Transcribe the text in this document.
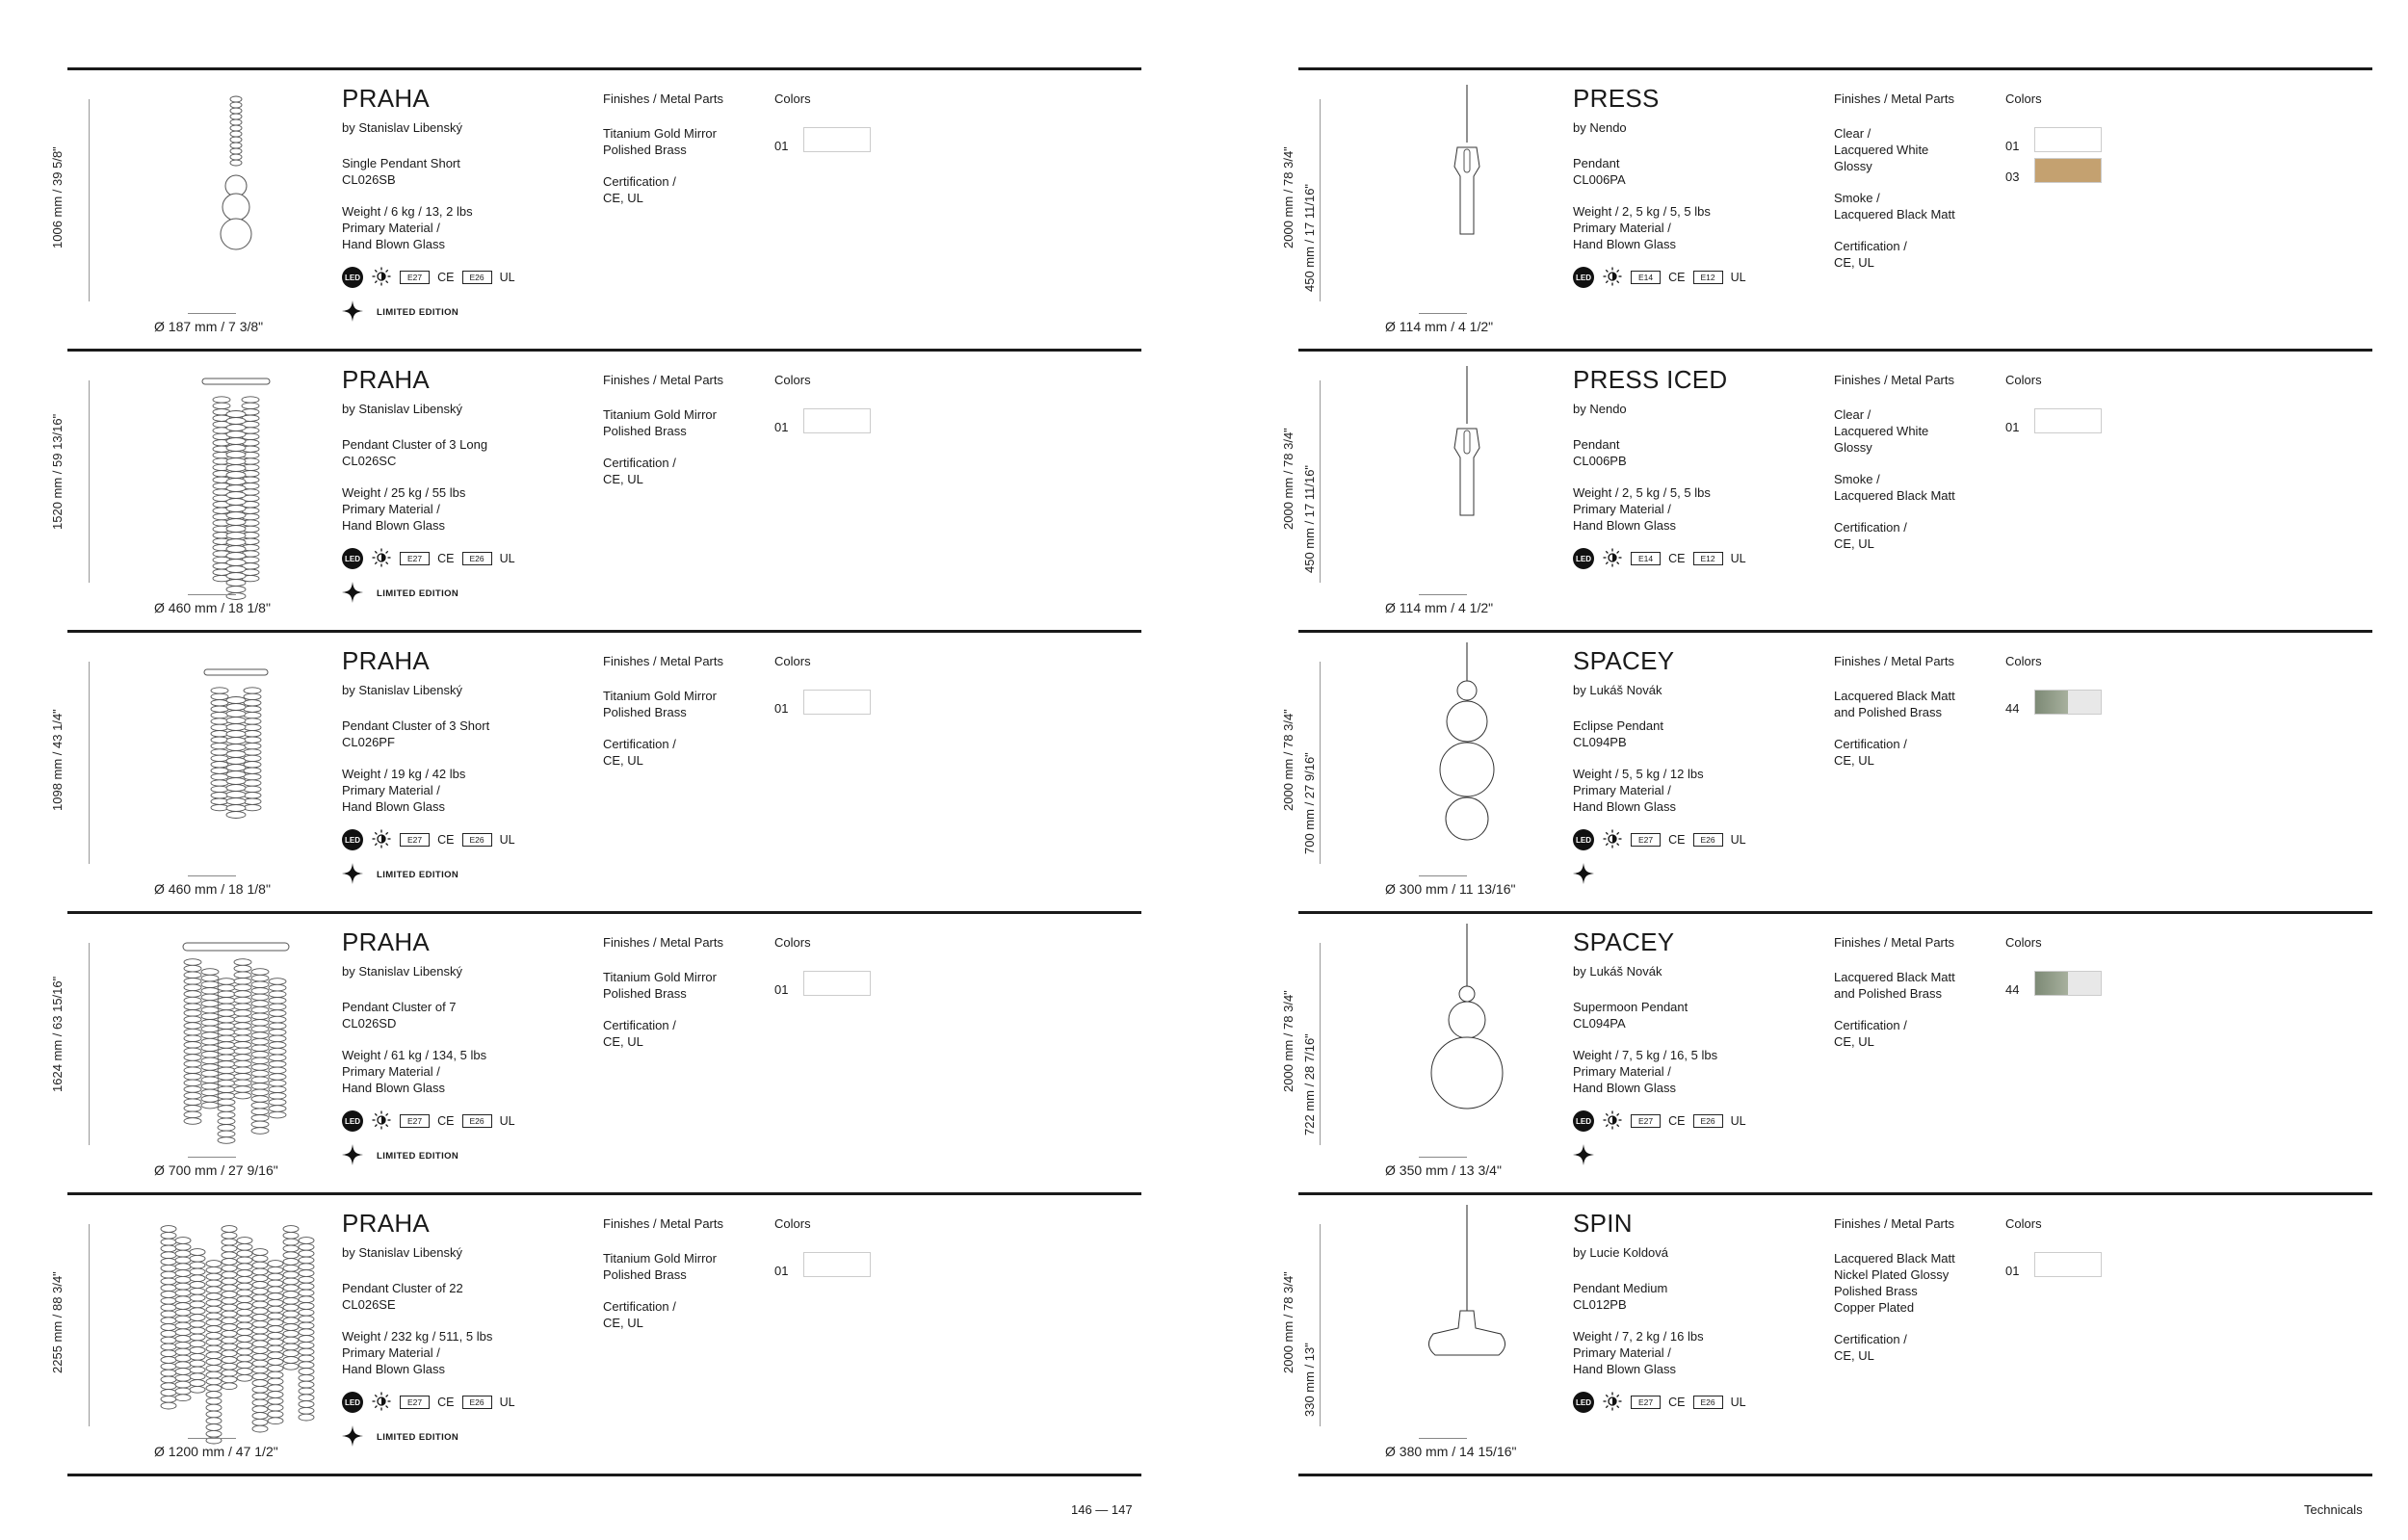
1006 mm / 39 5/8"
Ø 187 mm / 7 3/8"
PRAHA
by Stanislav Libenský
Single Pendant Short
CL026SB
Weight / 6 kg / 13, 2 lbs
Primary Material /
Hand Blown Glass
LED	E27	CE	E26	UL
LIMITED EDITION
Finishes / Metal Parts
Titanium Gold Mirror
Polished Brass
Certification /
CE, UL
Colors
01
1520 mm / 59 13/16"
Ø 460 mm / 18 1/8"
PRAHA
by Stanislav Libenský
Pendant Cluster of 3 Long
CL026SC
Weight / 25 kg / 55 lbs
Primary Material /
Hand Blown Glass
LED	E27	CE	E26	UL
LIMITED EDITION
Finishes / Metal Parts
Titanium Gold Mirror
Polished Brass
Certification /
CE, UL
Colors
01
1098 mm / 43 1/4"
Ø 460 mm / 18 1/8"
PRAHA
by Stanislav Libenský
Pendant Cluster of 3 Short
CL026PF
Weight / 19 kg / 42 lbs
Primary Material /
Hand Blown Glass
LED	E27	CE	E26	UL
LIMITED EDITION
Finishes / Metal Parts
Titanium Gold Mirror
Polished Brass
Certification /
CE, UL
Colors
01
1624 mm / 63 15/16"
Ø 700 mm / 27 9/16"
PRAHA
by Stanislav Libenský
Pendant Cluster of 7
CL026SD
Weight / 61 kg / 134, 5 lbs
Primary Material /
Hand Blown Glass
LED	E27	CE	E26	UL
LIMITED EDITION
Finishes / Metal Parts
Titanium Gold Mirror
Polished Brass
Certification /
CE, UL
Colors
01
2255 mm / 88 3/4"
Ø 1200 mm / 47 1/2"
PRAHA
by Stanislav Libenský
Pendant Cluster of 22
CL026SE
Weight / 232 kg / 511, 5 lbs
Primary Material /
Hand Blown Glass
LED	E27	CE	E26	UL
LIMITED EDITION
Finishes / Metal Parts
Titanium Gold Mirror
Polished Brass
Certification /
CE, UL
Colors
01
2000 mm / 78 3/4" 450 mm / 17 11/16"
Ø 114 mm / 4 1/2"
PRESS
by Nendo
Pendant
CL006PA
Weight / 2, 5 kg / 5, 5 lbs
Primary Material /
Hand Blown Glass
LED	E14	CE	E12	UL
Finishes / Metal Parts
Clear /
Lacquered White
Glossy
Smoke /
Lacquered Black Matt
Certification /
CE, UL
Colors
01
03
2000 mm / 78 3/4" 450 mm / 17 11/16"
Ø 114 mm / 4 1/2"
PRESS ICED
by Nendo
Pendant
CL006PB
Weight / 2, 5 kg / 5, 5 lbs
Primary Material /
Hand Blown Glass
LED	E14	CE	E12	UL
Finishes / Metal Parts
Clear /
Lacquered White
Glossy
Smoke /
Lacquered Black Matt
Certification /
CE, UL
Colors
01
2000 mm / 78 3/4" 700 mm / 27 9/16"
Ø 300 mm / 11 13/16"
SPACEY
by Lukáš Novák
Eclipse Pendant
CL094PB
Weight / 5, 5 kg / 12 lbs
Primary Material /
Hand Blown Glass
LED	E27	CE	E26	UL
Finishes / Metal Parts
Lacquered Black Matt
and Polished Brass
Certification /
CE, UL
Colors
44
2000 mm / 78 3/4" 722 mm / 28 7/16"
Ø 350 mm / 13 3/4"
SPACEY
by Lukáš Novák
Supermoon Pendant
CL094PA
Weight / 7, 5 kg / 16, 5 lbs
Primary Material /
Hand Blown Glass
LED	E27	CE	E26	UL
Finishes / Metal Parts
Lacquered Black Matt
and Polished Brass
Certification /
CE, UL
Colors
44
2000 mm / 78 3/4"
330 mm / 13"
Ø 380 mm / 14 15/16"
SPIN
by Lucie Koldová
Pendant Medium
CL012PB
Weight / 7, 2 kg / 16 lbs
Primary Material /
Hand Blown Glass
LED	E27	CE	E26	UL
Finishes / Metal Parts
Lacquered Black Matt
Nickel Plated Glossy
Polished Brass
Copper Plated
Certification /
CE, UL
Colors
01
146 — 147	Technicals
